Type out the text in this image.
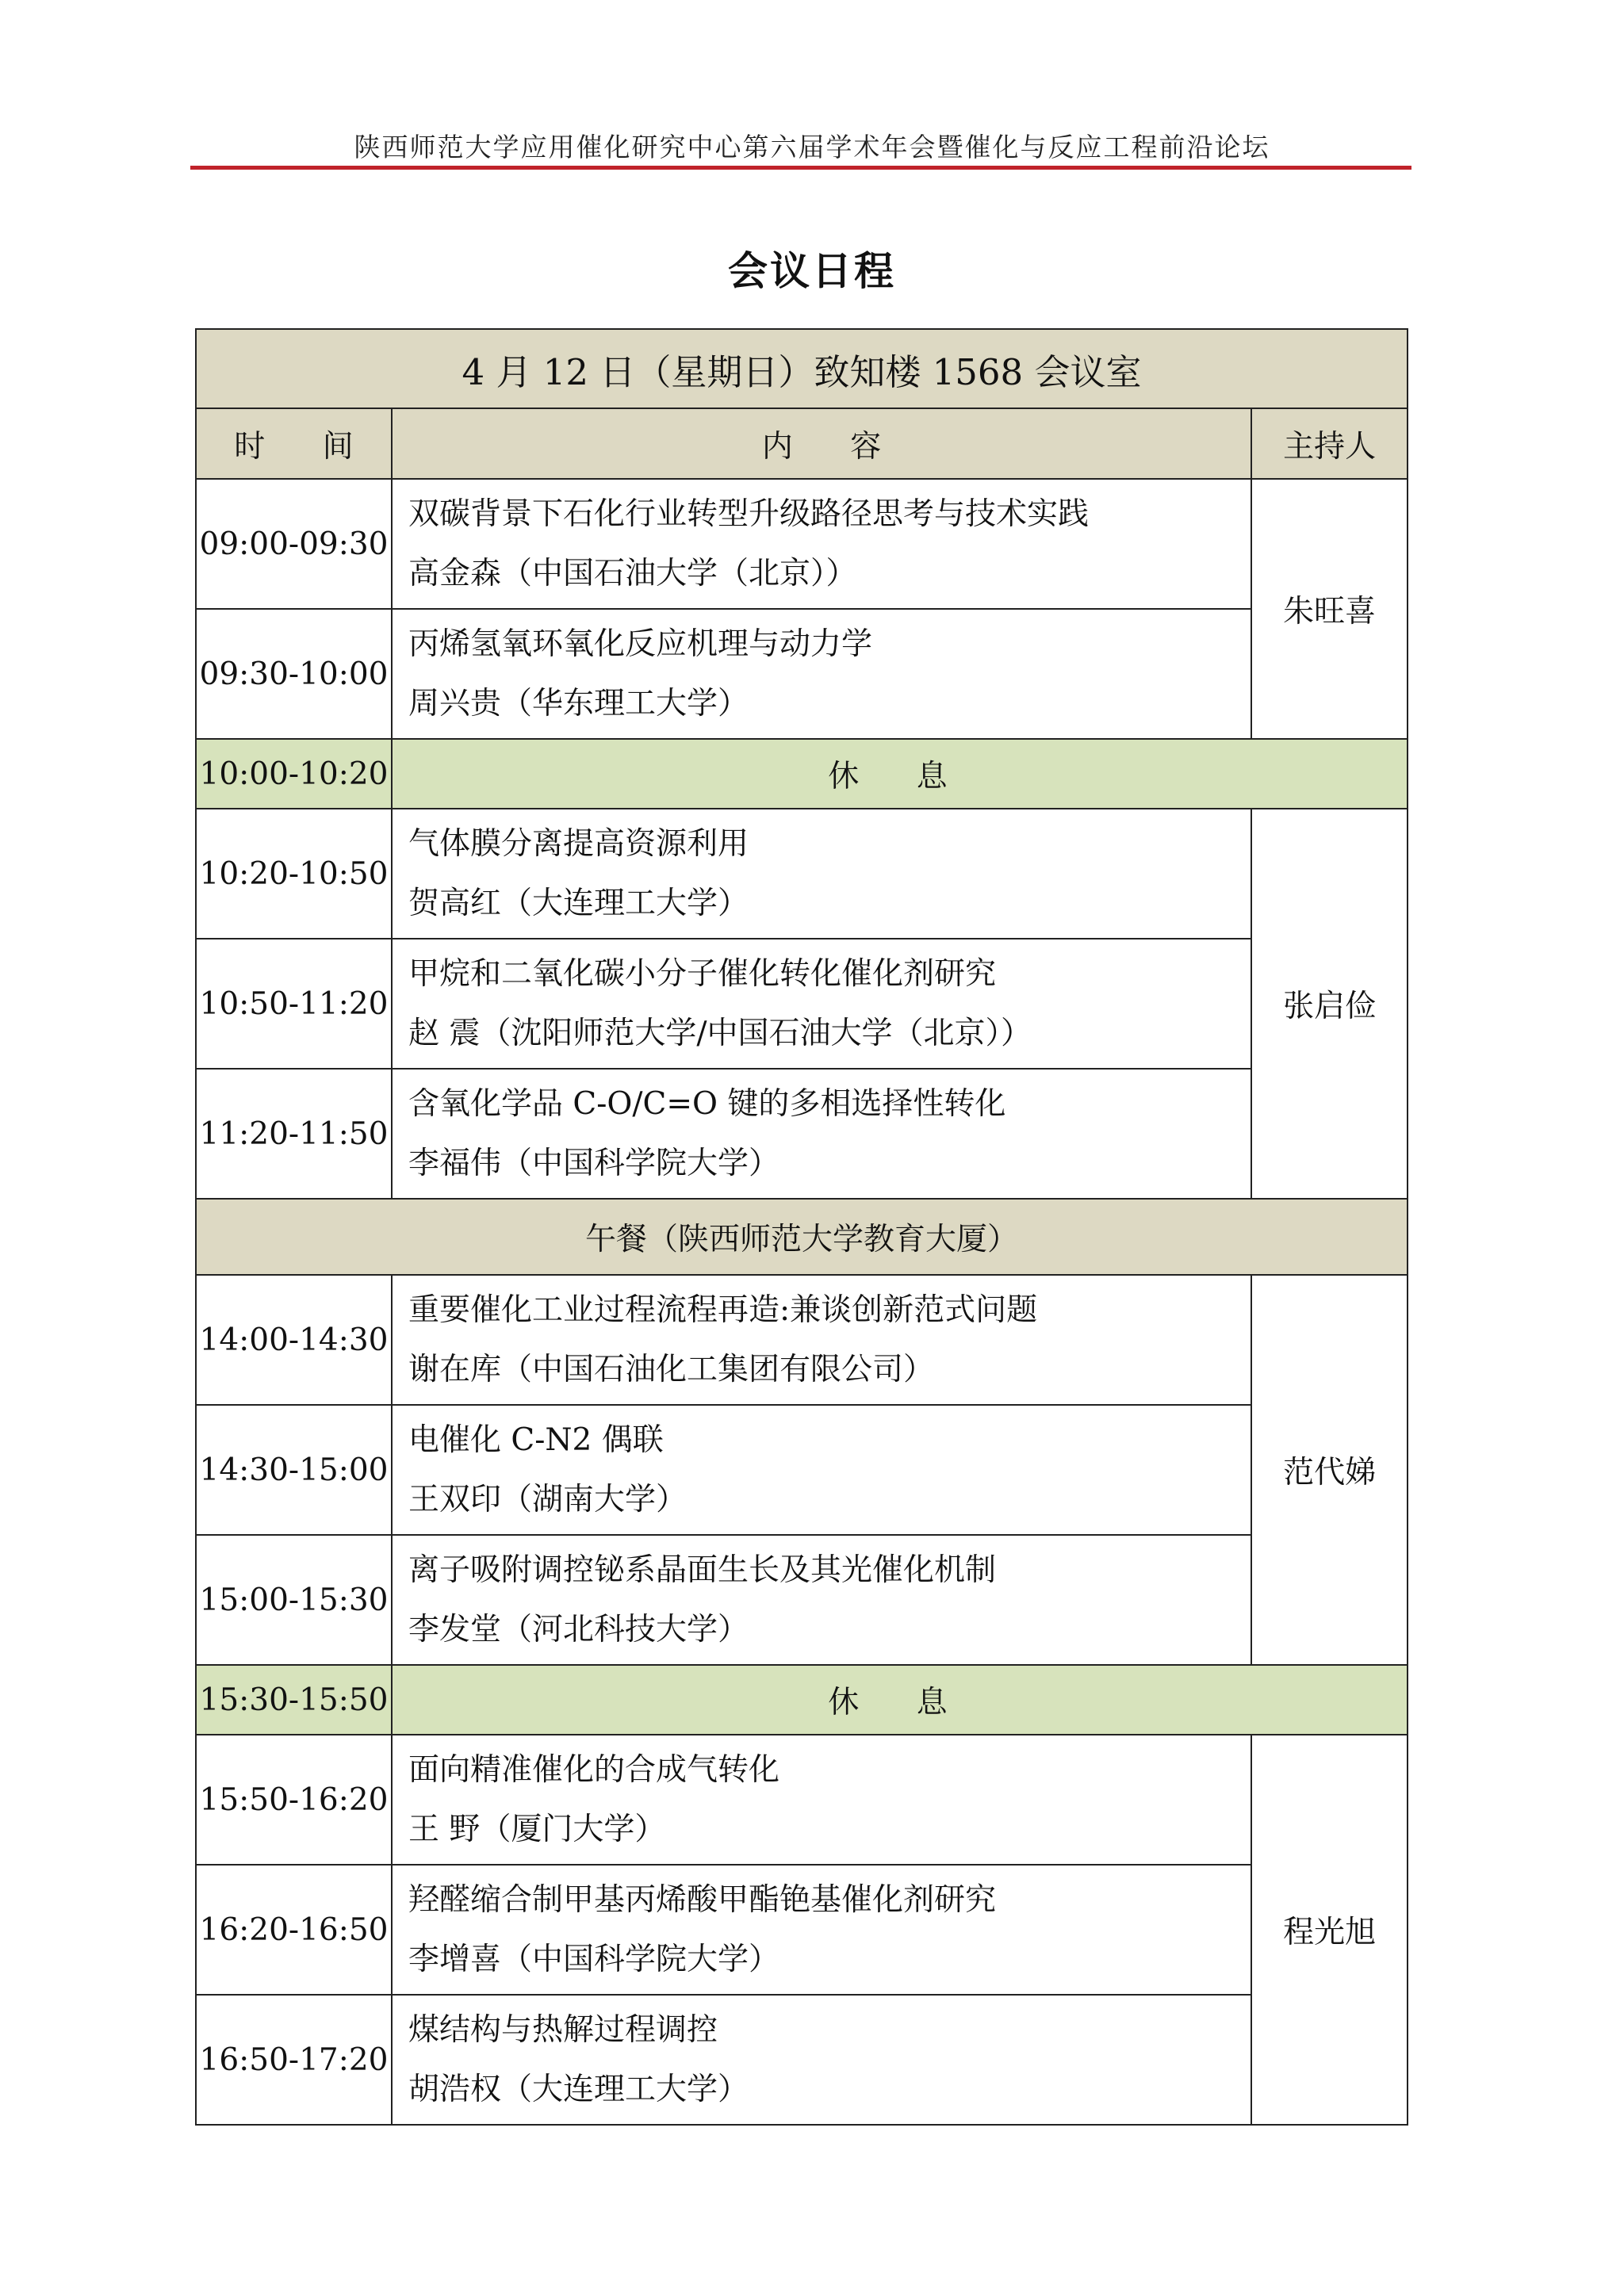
陕西师范大学应用催化研究中心第六届学术年会暨催化与反应工程前沿论坛
会议日程
4 月 12 日（星期日）致知楼 1568 会议室		
时 间	内 容	主持人
09:00-09:30	双碳背景下石化行业转型升级路径思考与技术实践
高金森（中国石油大学（北京））	朱旺喜
09:30-10:00	丙烯氢氧环氧化反应机理与动力学
周兴贵（华东理工大学）	

10:00-10:20	休 息	
10:20-10:50	气体膜分离提高资源利用
贺高红（大连理工大学）	张启俭
10:50-11:20	甲烷和二氧化碳小分子催化转化催化剂研究
赵 震（沈阳师范大学/中国石油大学（北京））	

11:20-11:50	含氧化学品 C-O/C=O 键的多相选择性转化
李福伟（中国科学院大学）	

午餐（陕西师范大学教育大厦）		
14:00-14:30	重要催化工业过程流程再造:兼谈创新范式问题
谢在库（中国石油化工集团有限公司）	范代娣
14:30-15:00	电催化 C-N2 偶联
王双印（湖南大学）	

15:00-15:30	离子吸附调控铋系晶面生长及其光催化机制
李发堂（河北科技大学）	

15:30-15:50	休 息	
15:50-16:20	面向精准催化的合成气转化
王 野（厦门大学）	程光旭
16:20-16:50	羟醛缩合制甲基丙烯酸甲酯铯基催化剂研究
李增喜（中国科学院大学）	

16:50-17:20	煤结构与热解过程调控
胡浩权（大连理工大学）	
